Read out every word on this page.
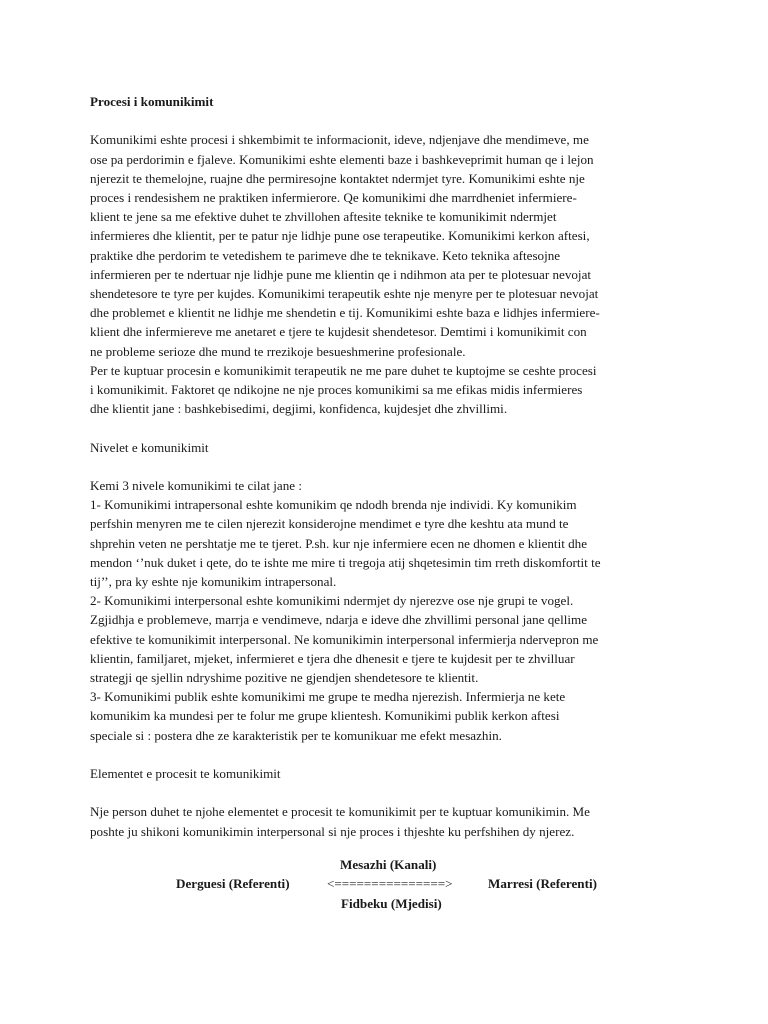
Procesi i komunikimit

Komunikimi eshte procesi i shkembimit te informacionit, ideve, ndjenjave dhe mendimeve, me
ose pa perdorimin e fjaleve. Komunikimi eshte elementi baze i bashkeveprimit human qe i lejon
njerezit te themelojne, ruajne dhe permiresojne kontaktet ndermjet tyre. Komunikimi eshte nje
proces i rendesishem ne praktiken infermierore. Qe komunikimi dhe marrdheniet infermiere-
klient te jene sa me efektive duhet te zhvillohen aftesite teknike te komunikimit ndermjet
infermieres dhe klientit, per te patur nje lidhje pune ose terapeutike. Komunikimi kerkon aftesi,
praktike dhe perdorim te vetedishem te parimeve dhe te teknikave. Keto teknika aftesojne
infermieren per te ndertuar nje lidhje pune me klientin qe i ndihmon ata per te plotesuar nevojat
shendetesore te tyre per kujdes. Komunikimi terapeutik eshte nje menyre per te plotesuar nevojat
dhe problemet e klientit ne lidhje me shendetin e tij. Komunikimi eshte baza e lidhjes infermiere-
klient dhe infermiereve me anetaret e tjere te kujdesit shendetesor. Demtimi i komunikimit con
ne probleme serioze dhe mund te rrezikoje besueshmerine profesionale.
Per te kuptuar procesin e komunikimit terapeutik ne me pare duhet te kuptojme se ceshte procesi
i komunikimit. Faktoret qe ndikojne ne nje proces komunikimi sa me efikas midis infermieres
dhe klientit jane : bashkebisedimi, degjimi, konfidenca, kujdesjet dhe zhvillimi.

Nivelet e komunikimit

Kemi 3 nivele komunikimi te cilat jane :
1- Komunikimi intrapersonal eshte komunikim qe ndodh brenda nje individi. Ky komunikim
perfshin menyren me te cilen njerezit konsiderojne mendimet e tyre dhe keshtu ata mund te
shprehin veten ne pershtatje me te tjeret. P.sh. kur nje infermiere ecen ne dhomen e klientit dhe
mendon ‘’nuk duket i qete, do te ishte me mire ti tregoja atij shqetesimin tim rreth diskomfortit te
tij’’, pra ky eshte nje komunikim intrapersonal.
2- Komunikimi interpersonal eshte komunikimi ndermjet dy njerezve ose nje grupi te vogel.
Zgjidhja e problemeve, marrja e vendimeve, ndarja e ideve dhe zhvillimi personal jane qellime
efektive te komunikimit interpersonal. Ne komunikimin interpersonal infermierja ndervepron me
klientin, familjaret, mjeket, infermieret e tjera dhe dhenesit e tjere te kujdesit per te zhvilluar
strategji qe sjellin ndryshime pozitive ne gjendjen shendetesore te klientit.
3- Komunikimi publik eshte komunikimi me grupe te medha njerezish. Infermierja ne kete
komunikim ka mundesi per te folur me grupe klientesh. Komunikimi publik kerkon aftesi
speciale si : postera dhe ze karakteristik per te komunikuar me efekt mesazhin.

Elementet e procesit te komunikimit

Nje person duhet te njohe elementet e procesit te komunikimit per te kuptuar komunikimin. Me
poshte ju shikoni komunikimin interpersonal si nje proces i thjeshte ku perfshihen dy njerez.

Mesazhi (Kanali)
Derguesi (Referenti)	<===============>	Marresi (Referenti)
Fidbeku (Mjedisi)
